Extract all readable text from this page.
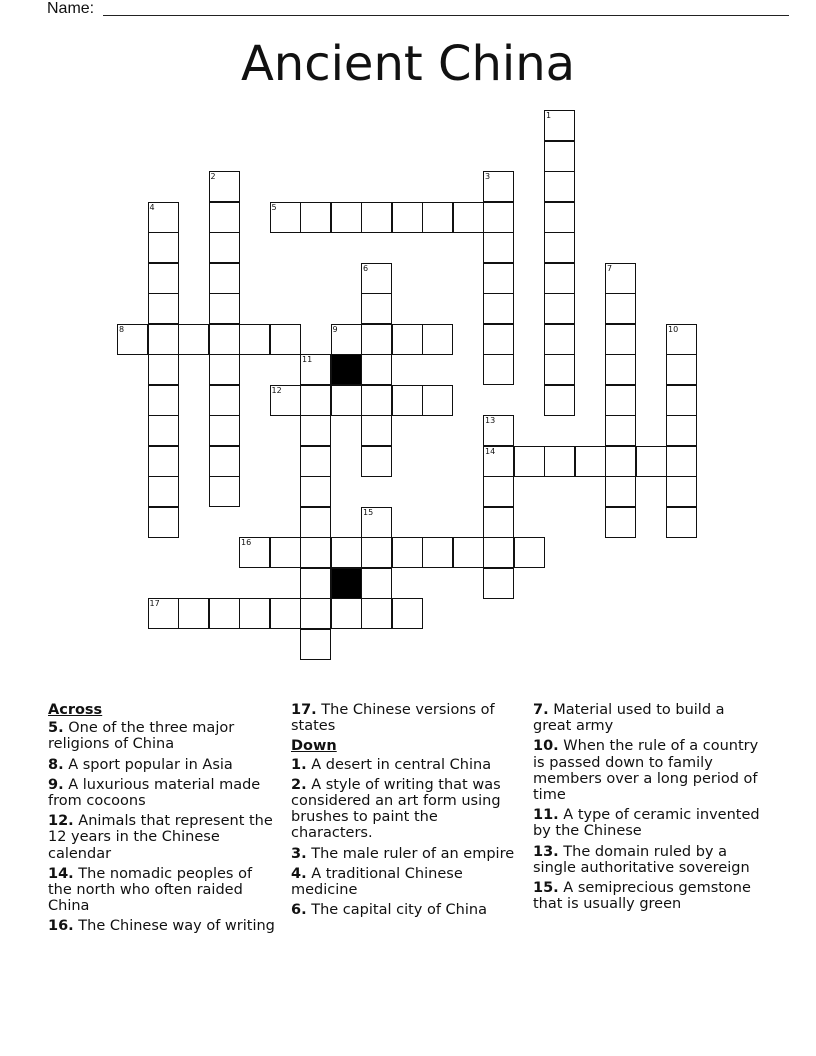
Name:
Ancient China
1
2	3
4	5
6	7
8	9	10
11
12
13
14
15
16
17
Across
5. One of the three major religions of China
8. A sport popular in Asia
9. A luxurious material made from cocoons
12. Animals that represent the 12 years in the Chinese calendar
14. The nomadic peoples of the north who often raided China
16. The Chinese way of writing
17. The Chinese versions of states
Down
1. A desert in central China
2. A style of writing that was considered an art form using brushes to paint the characters.
3. The male ruler of an empire
4. A traditional Chinese medicine
6. The capital city of China
7. Material used to build a great army
10. When the rule of a country is passed down to family members over a long period of time
11. A type of ceramic invented by the Chinese
13. The domain ruled by a single authoritative sovereign
15. A semiprecious gemstone that is usually green
